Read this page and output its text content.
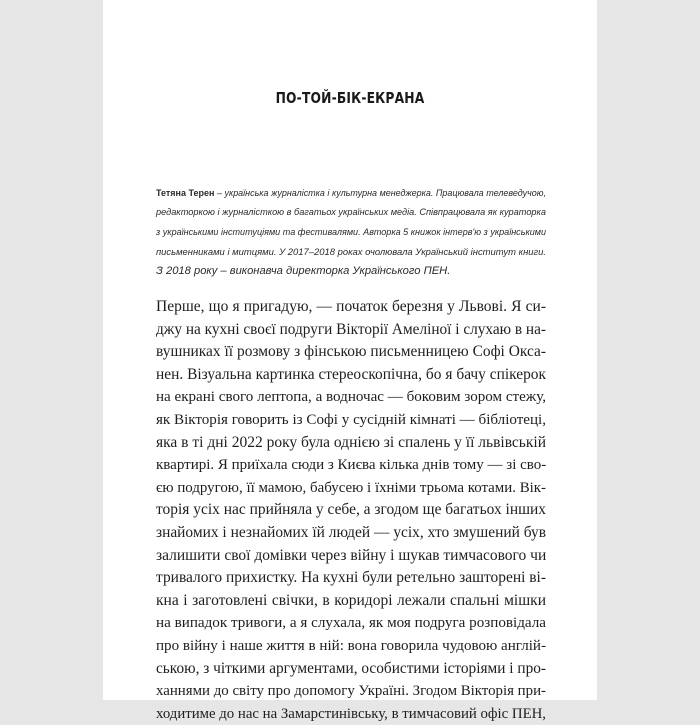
ПО-ТОЙ-БІК-ЕКРАНА
Тетяна Терен – українська журналістка і культурна менеджерка. Працювала телеведучою,
редакторкою і журналісткою в багатьох українських медіа. Співпрацювала як кураторка
з українськими інституціями та фестивалями. Авторка 5 книжок інтерв'ю з українськими
письменниками і митцями. У 2017–2018 роках очолювала Український інститут книги.
З 2018 року – виконавча директорка Українського ПЕН.
Перше, що я пригадую, — початок березня у Львові. Я си-
джу на кухні своєї подруги Вікторії Амеліної і слухаю в на-
вушниках її розмову з фінською письменницею Софі Окса-
нен. Візуальна картинка стереоскопічна, бо я бачу спікерок
на екрані свого лептопа, а водночас — боковим зором стежу,
як Вікторія говорить із Софі у сусідній кімнаті — бібліотеці,
яка в ті дні 2022 року була однією зі спалень у її львівській
квартирі. Я приїхала сюди з Києва кілька днів тому — зі сво-
єю подругою, її мамою, бабусею і їхніми трьома котами. Вік-
торія усіх нас прийняла у себе, а згодом ще багатьох інших
знайомих і незнайомих їй людей — усіх, хто змушений був
залишити свої домівки через війну і шукав тимчасового чи
тривалого прихистку. На кухні були ретельно зашторені ві-
кна і заготовлені свічки, в коридорі лежали спальні мішки
на випадок тривоги, а я слухала, як моя подруга розповідала
про війну і наше життя в ній: вона говорила чудовою англій-
ською, з чіткими аргументами, особистими історіями і про-
ханнями до світу про допомогу Україні. Згодом Вікторія при-
ходитиме до нас на Замарстинівську, в тимчасовий офіс ПЕН,
